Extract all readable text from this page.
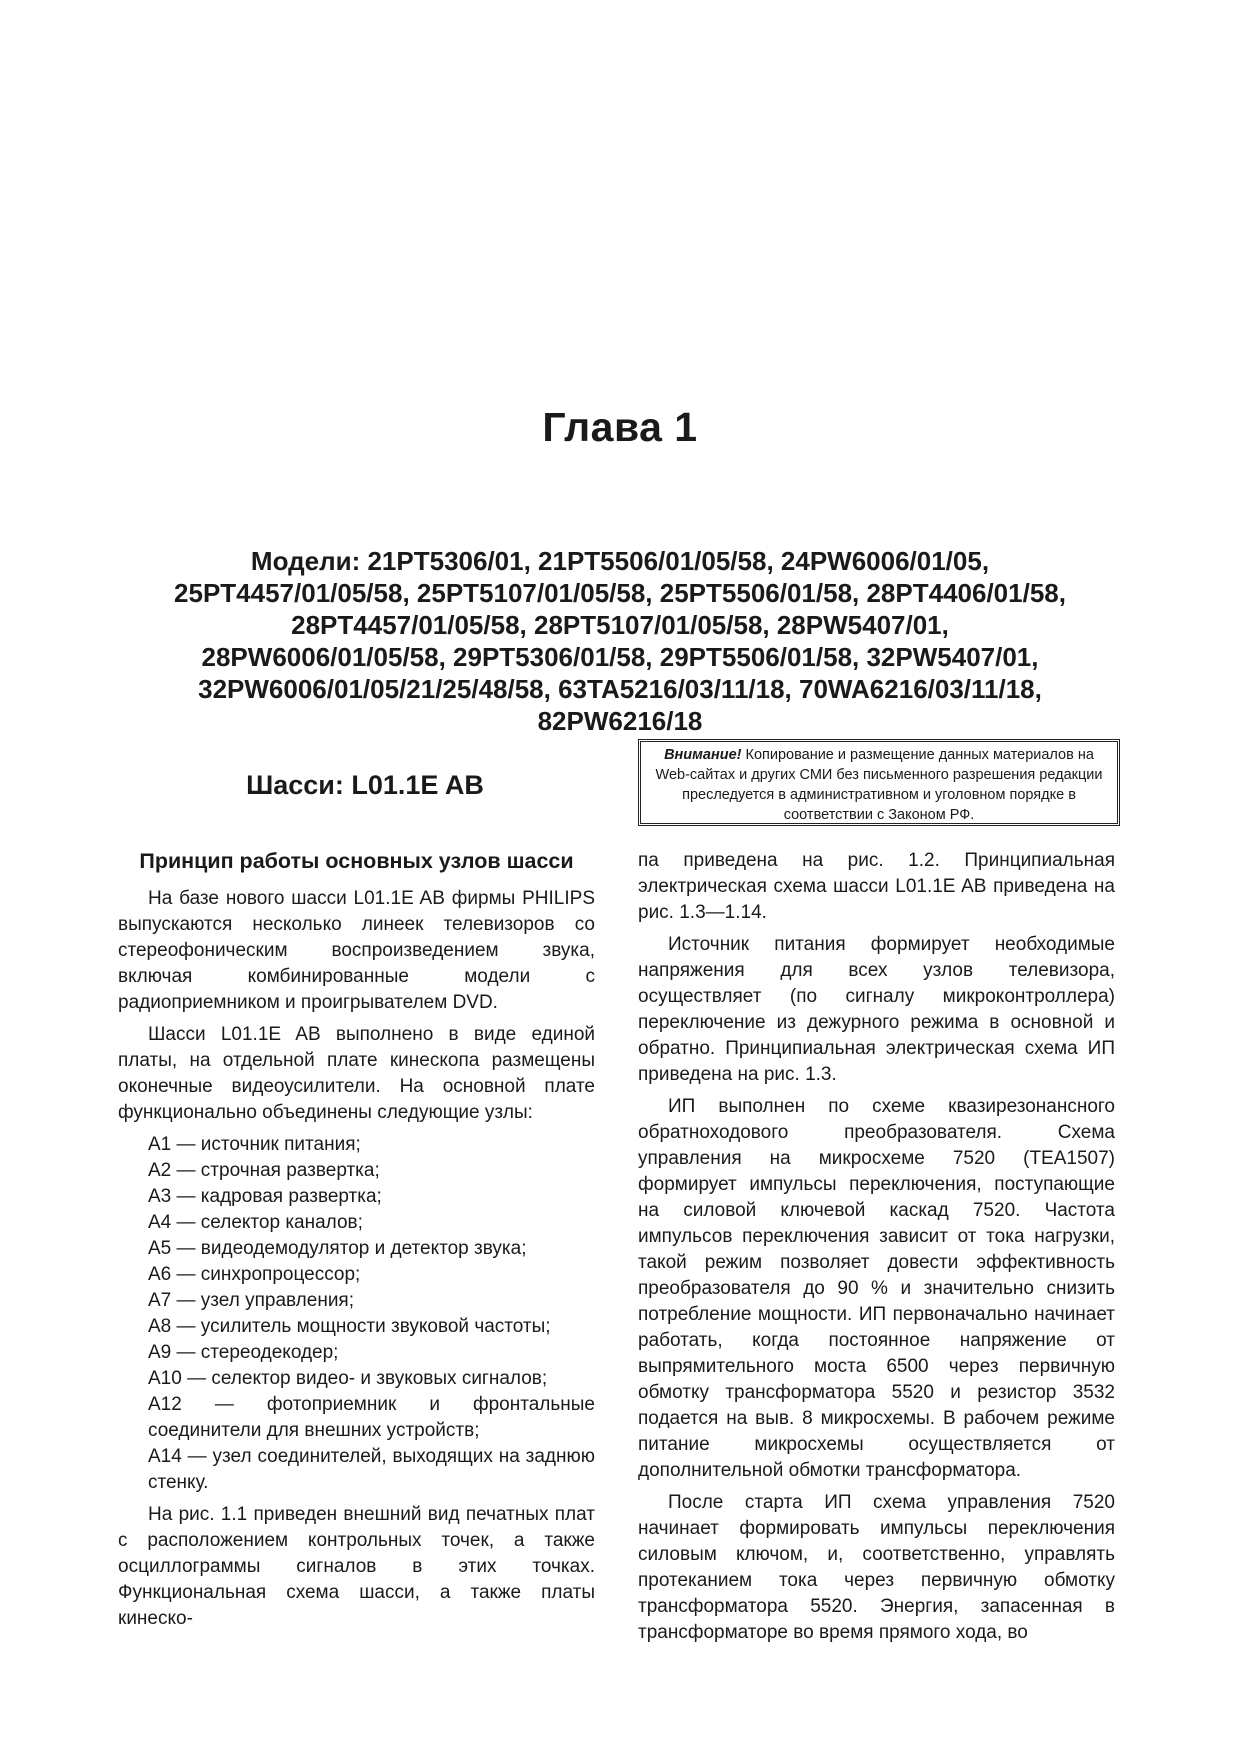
Глава 1
Модели: 21PT5306/01, 21PT5506/01/05/58, 24PW6006/01/05,
25PT4457/01/05/58, 25PT5107/01/05/58, 25PT5506/01/58, 28PT4406/01/58,
28PT4457/01/05/58, 28PT5107/01/05/58, 28PW5407/01,
28PW6006/01/05/58, 29PT5306/01/58, 29PT5506/01/58, 32PW5407/01,
32PW6006/01/05/21/25/48/58, 63TA5216/03/11/18, 70WA6216/03/11/18,
82PW6216/18
Шасси: L01.1E AB
Внимание! Копирование и размещение данных материалов на Web-сайтах и других СМИ без письменного разрешения редакции преследуется в административном и уголовном порядке в соответствии с Законом РФ.
Принцип работы основных узлов шасси
На базе нового шасси L01.1E AB фирмы PHILIPS выпускаются несколько линеек телевизоров со стереофоническим воспроизведением звука, включая комбинированные модели с радиоприемником и проигрывателем DVD.
Шасси L01.1E AB выполнено в виде единой платы, на отдельной плате кинескопа размещены оконечные видеоусилители. На основной плате функционально объединены следующие узлы:
A1 — источник питания;
A2 — строчная развертка;
A3 — кадровая развертка;
A4 — селектор каналов;
A5 — видеодемодулятор и детектор звука;
A6 — синхропроцессор;
A7 — узел управления;
A8 — усилитель мощности звуковой частоты;
A9 — стереодекодер;
A10 — селектор видео- и звуковых сигналов;
A12 — фотоприемник и фронтальные соединители для внешних устройств;
A14 — узел соединителей, выходящих на заднюю стенку.
На рис. 1.1 приведен внешний вид печатных плат с расположением контрольных точек, а также осциллограммы сигналов в этих точках. Функциональная схема шасси, а также платы кинеско-
па приведена на рис. 1.2. Принципиальная электрическая схема шасси L01.1E AB приведена на рис. 1.3—1.14.
Источник питания формирует необходимые напряжения для всех узлов телевизора, осуществляет (по сигналу микроконтроллера) переключение из дежурного режима в основной и обратно. Принципиальная электрическая схема ИП приведена на рис. 1.3.
ИП выполнен по схеме квазирезонансного обратноходового преобразователя. Схема управления на микросхеме 7520 (TEA1507) формирует импульсы переключения, поступающие на силовой ключевой каскад 7520. Частота импульсов переключения зависит от тока нагрузки, такой режим позволяет довести эффективность преобразователя до 90 % и значительно снизить потребление мощности. ИП первоначально начинает работать, когда постоянное напряжение от выпрямительного моста 6500 через первичную обмотку трансформатора 5520 и резистор 3532 подается на выв. 8 микросхемы. В рабочем режиме питание микросхемы осуществляется от дополнительной обмотки трансформатора.
После старта ИП схема управления 7520 начинает формировать импульсы переключения силовым ключом, и, соответственно, управлять протеканием тока через первичную обмотку трансформатора 5520. Энергия, запасенная в трансформаторе во время прямого хода, во
